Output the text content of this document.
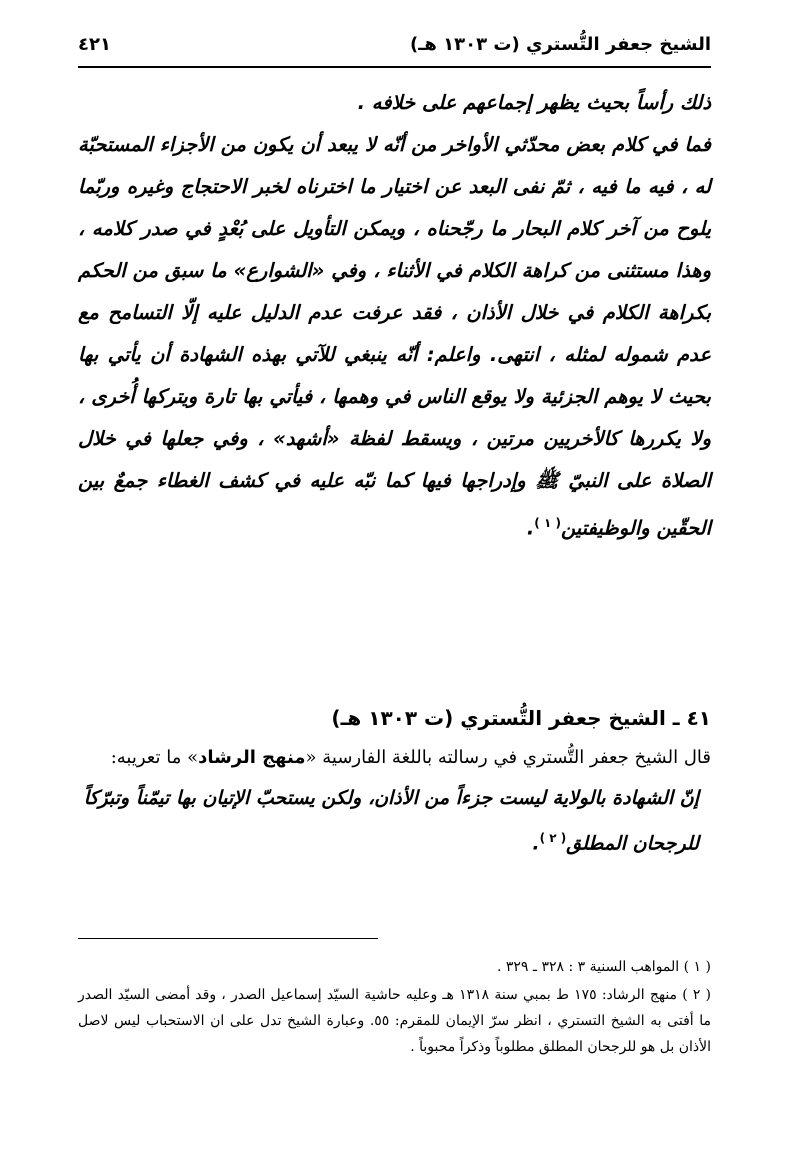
الشيخ جعفر التُّستري (ت ١٣٠٣ هـ)
٤٢١

ذلك رأساً بحيث يظهر إجماعهم على خلافه .

فما في كلام بعض محدّثي الأواخر من أنّه لا يبعد أن يكون من الأجزاء المستحبّة له ، فيه ما فيه ، ثمّ نفى البعد عن اختيار ما اخترناه لخبر الاحتجاج وغيره وربّما يلوح من آخر كلام البحار ما رجّحناه ، ويمكن التأويل على بُعْدٍ في صدر كلامه ، وهذا مستثنى من كراهة الكلام في الأثناء ، وفي «الشوارع» ما سبق من الحكم بكراهة الكلام في خلال الأذان ، فقد عرفت عدم الدليل عليه إلّا التسامح مع عدم شموله لمثله ، انتهى. واعلم: أنّه ينبغي للآتي بهذه الشهادة أن يأتي بها بحيث لا يوهم الجزئية ولا يوقع الناس في وهمها ، فيأتي بها تارة ويتركها أُخرى ، ولا يكررها كالأخريين مرتين ، ويسقط لفظة «أشهد» ، وفي جعلها في خلال الصلاة على النبيّ ﷺ وإدراجها فيها كما نبّه عليه في كشف الغطاء جمعٌ بين الحقّين والوظيفتين$^{( ١ )}$.

٤١ ـ الشيخ جعفر التُّستري (ت ١٣٠٣ هـ)

قال الشيخ جعفر التُّستري في رسالته باللغة الفارسية «منهج الرشاد» ما تعريبه:

إنّ الشهادة بالولاية ليست جزءاً من الأذان، ولكن يستحبّ الإتيان بها تيمّناً وتبرّكاً للرجحان المطلق$^{( ٢ )}$.

( ١ ) المواهب السنية ٣ : ٣٢٨ ـ ٣٢٩ .

( ٢ ) منهج الرشاد: ١٧٥ ط بمبي سنة ١٣١٨ هـ وعليه حاشية السيّد إسماعيل الصدر ، وقد أمضى السيّد الصدر ما أفتى به الشيخ التستري ، انظر سرّ الإيمان للمقرم: ٥٥. وعبارة الشيخ تدل على ان الاستحباب ليس لاصل الأذان بل هو للرجحان المطلق مطلوباً وذكراً محبوباً .
